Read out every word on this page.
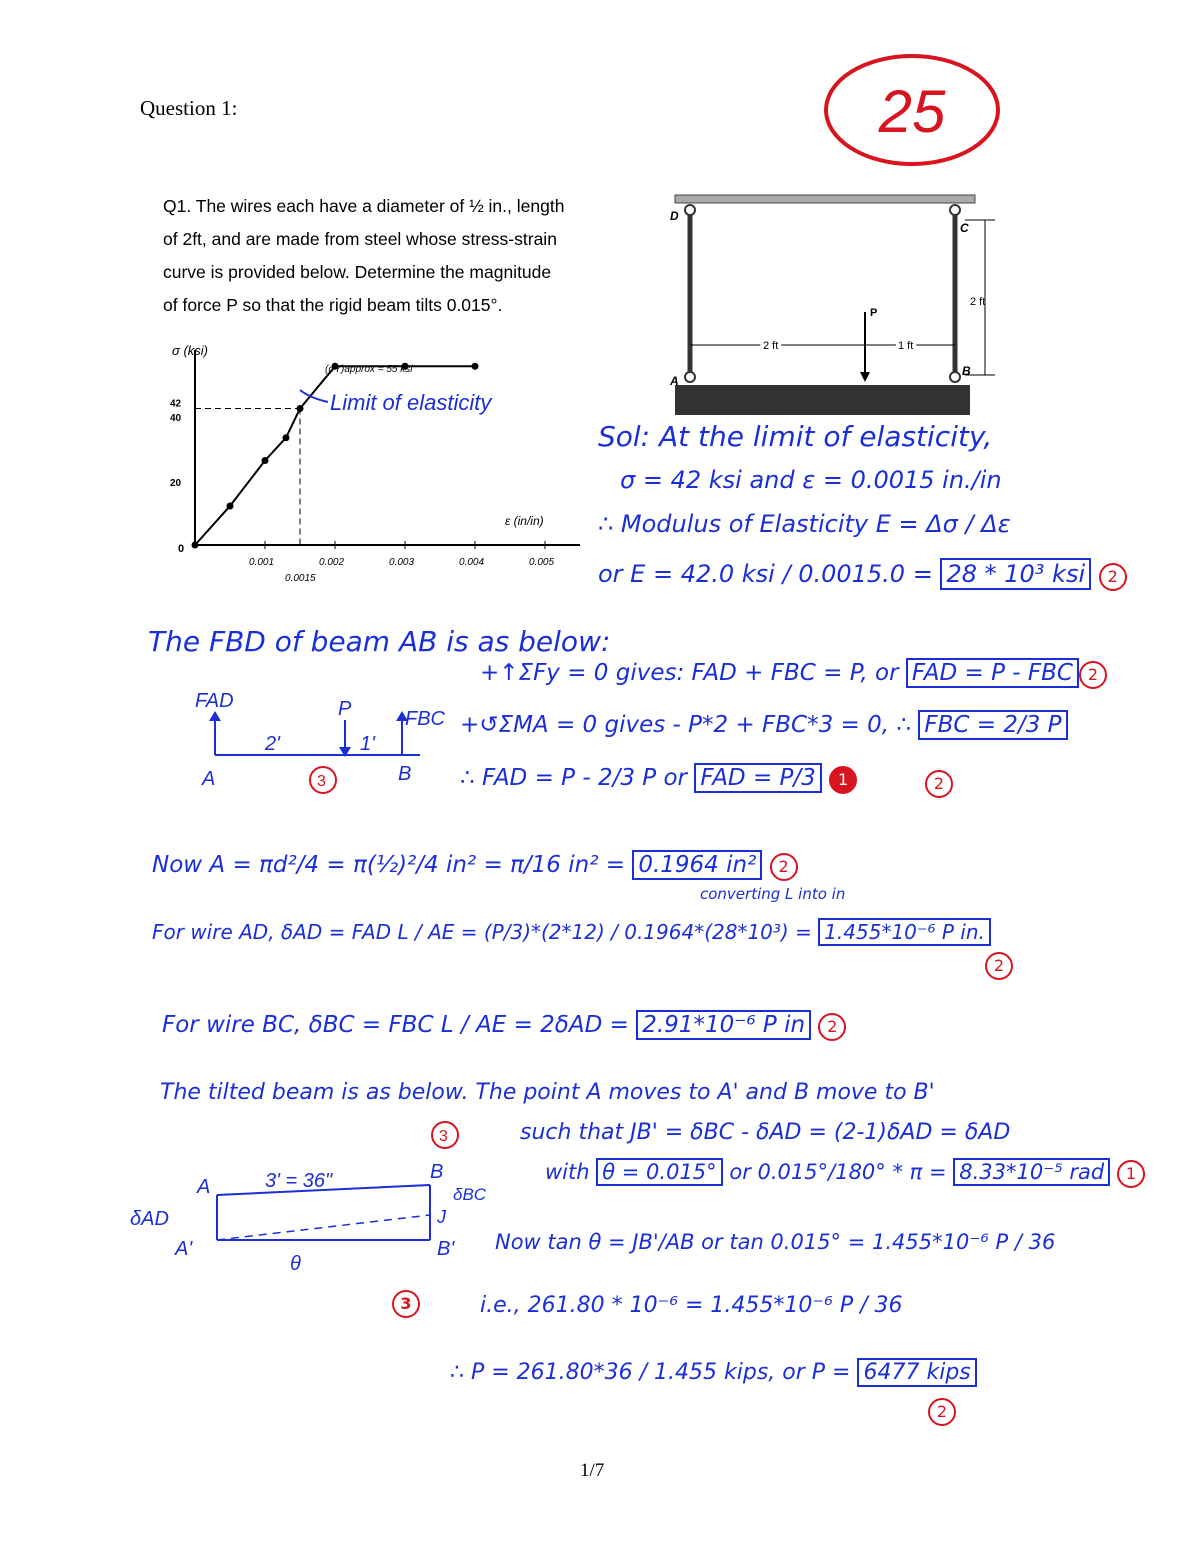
Question 1:	25
Q1. The wires each have a diameter of ½ in., length
of 2ft, and are made from steel whose stress-strain
curve is provided below. Determine the magnitude
of force P so that the rigid beam tilts 0.015°.
σ (ksi)
ε (in/in)
0
0.001	0.002	0.003	0.004	0.005
0.0015
20
40
42
(σY)approx = 55 ksi
Limit of elasticity
D
C
A
B
P
2 ft	1 ft
2 ft
Sol: At the limit of elasticity,
σ = 42 ksi and ε = 0.0015 in./in
∴ Modulus of Elasticity E = Δσ / Δε
or E = 42.0 ksi / 0.0015.0 = 28 * 10³ ksi 2
The FBD of beam AB is as below:
FAD	P	FBC
2'	1'
A	B
3
+↑ΣFy = 0 gives: FAD + FBC = P, or FAD = P - FBC 2
+↺ΣMA = 0 gives - P*2 + FBC*3 = 0, ∴ FBC = 2/3 P
2
∴ FAD = P - 2/3 P or FAD = P/3 1
Now A = πd²/4 = π(½)²/4 in² = π/16 in² = 0.1964 in² 2
converting L into in
For wire AD, δAD = FAD L / AE = (P/3)*(2*12) / 0.1964*(28*10³) = 1.455*10⁻⁶ P in.
2
For wire BC, δBC = FBC L / AE = 2δAD = 2.91*10⁻⁶ P in 2
The tilted beam is as below. The point A moves to A' and B move to B'
such that JB' = δBC - δAD = (2-1)δAD = δAD
with θ = 0.015° or 0.015°/180° * π = 8.33*10⁻⁵ rad 1
3
A
B
A'	B'
J
3' = 36"
δAD
δBC
θ
3
Now tan θ = JB'/AB or tan 0.015° = 1.455*10⁻⁶ P / 36
i.e., 261.80 * 10⁻⁶ = 1.455*10⁻⁶ P / 36
∴ P = 261.80*36 / 1.455 kips, or P = 6477 kips
2
1/7
